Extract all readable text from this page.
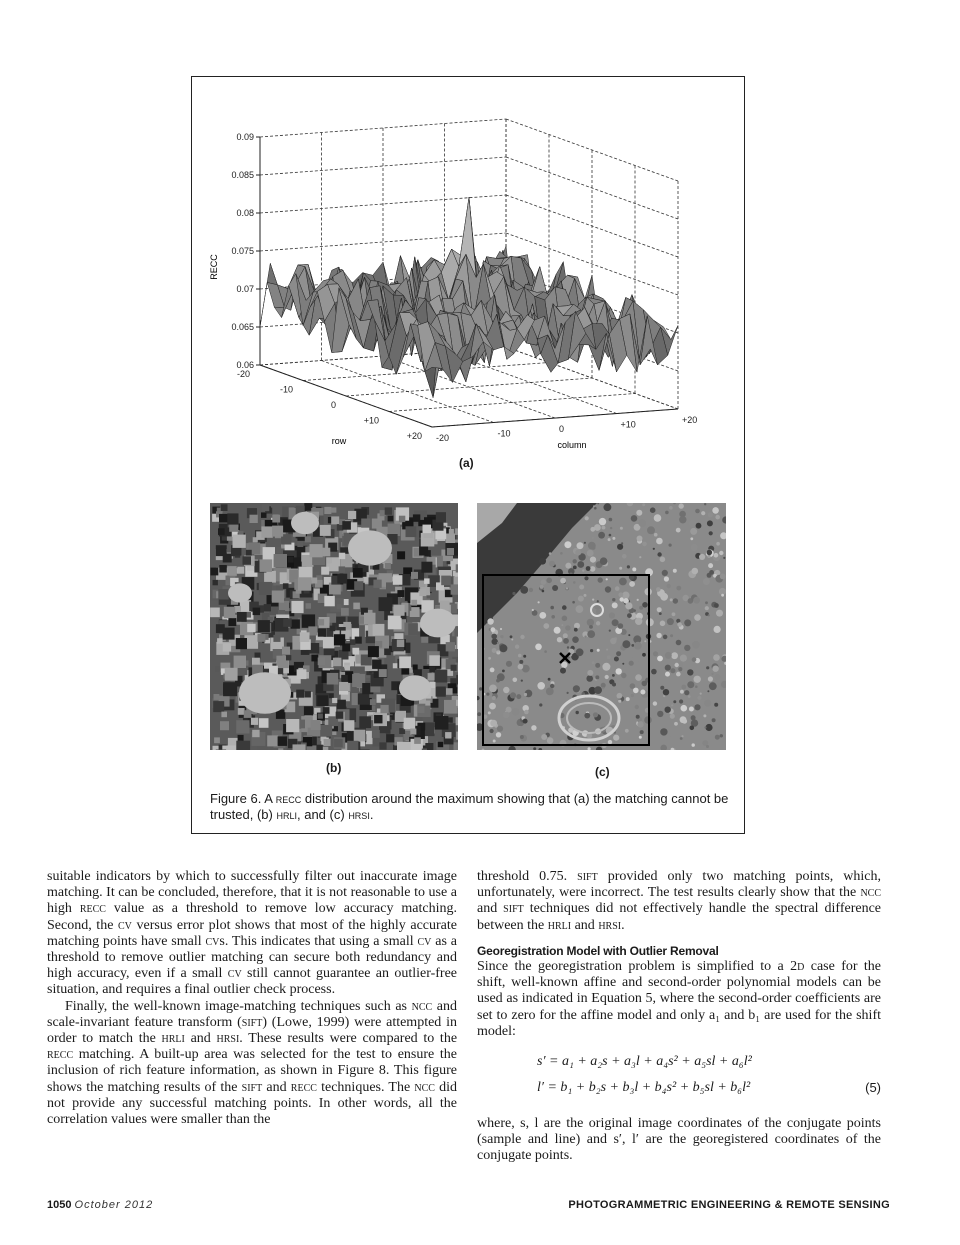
0.09
0.085
0.08
0.075
0.07
0.065
0.06
-20
-10
0
+10
+20 -20	-10	0	+10	+20
RECC
row	column
(a)
(b)	(c)
Figure 6. A recc distribution around the maximum showing that (a) the matching cannot be trusted, (b) hrli, and (c) hrsi.

suitable indicators by which to successfully filter out inaccurate image matching. It can be concluded, therefore, that it is not reasonable to use a high recc value as a threshold to remove low accuracy matching. Second, the cv versus error plot shows that most of the highly accurate matching points have small cvs. This indicates that using a small cv as a threshold to remove outlier matching can secure both redundancy and high accuracy, even if a small cv still cannot guarantee an outlier-free situation, and requires a final outlier check process.

Finally, the well-known image-matching techniques such as ncc and scale-invariant feature transform (sift) (Lowe, 1999) were attempted in order to match the hrli and hrsi. These results were compared to the recc matching. A built-up area was selected for the test to ensure the inclusion of rich feature information, as shown in Figure 8. This figure shows the matching results of the sift and recc techniques. The ncc did not provide any successful matching points. In other words, all the correlation values were smaller than the

threshold 0.75. sift provided only two matching points, which, unfortunately, were incorrect. The test results clearly show that the ncc and sift techniques did not effectively handle the spectral difference between the hrli and hrsi.

Georegistration Model with Outlier Removal

Since the georegistration problem is simplified to a 2d case for the shift, well-known affine and second-order polynomial models can be used as indicated in Equation 5, where the second-order coefficients are set to zero for the affine model and only a₁ and b₁ are used for the shift model:

s′ = a₁ + a₂s + a₃l + a₄s² + a₅sl + a₆l²
l′ = b₁ + b₂s + b₃l + b₄s² + b₅sl + b₆l²	(5)

where, s, l are the original image coordinates of the conjugate points (sample and line) and s′, l′ are the georegistered coordinates of the conjugate points.

1050 October 2012	PHOTOGRAMMETRIC ENGINEERING & REMOTE SENSING
